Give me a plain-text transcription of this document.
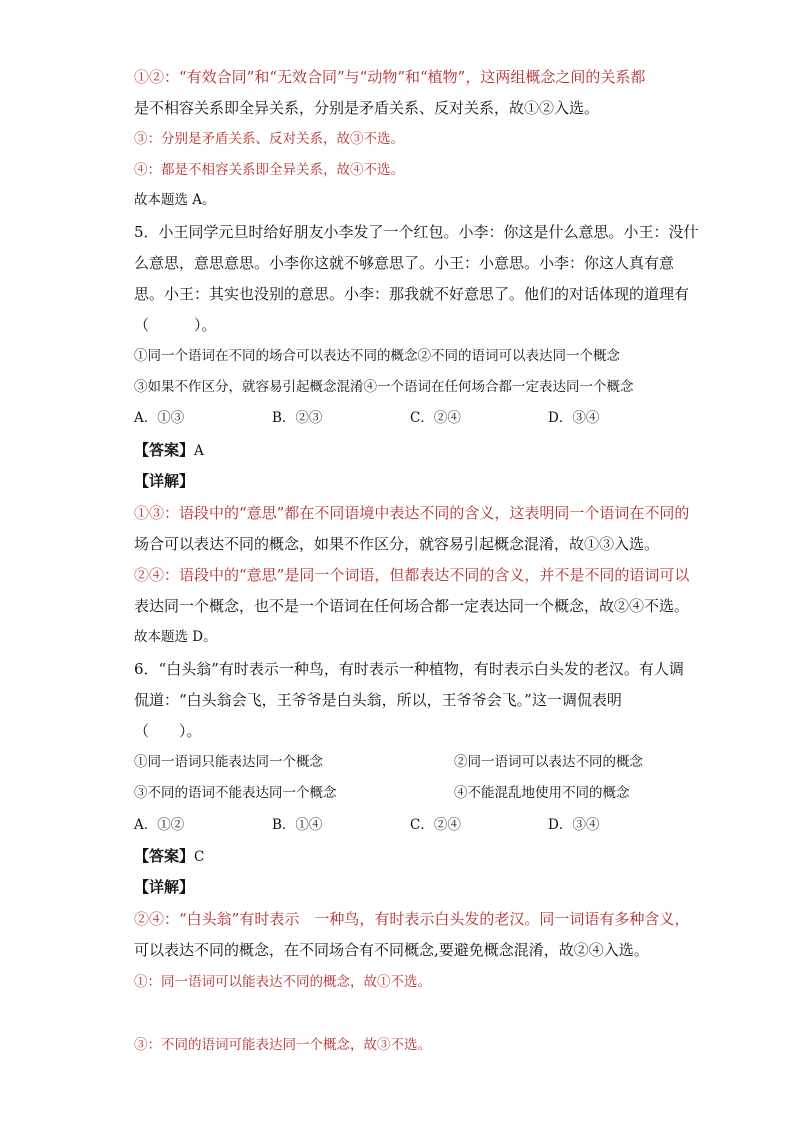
①②：“有效合同”和“无效合同”与“动物”和“植物”，这两组概念之间的关系都
是不相容关系即全异关系，分别是矛盾关系、反对关系，故①②入选。
③：分别是矛盾关系、反对关系，故③不选。
④：都是不相容关系即全异关系，故④不选。
故本题选 A。
5．小王同学元旦时给好朋友小李发了一个红包。小李：你这是什么意思。小王：没什
么意思，意思意思。小李你这就不够意思了。小王：小意思。小李：你这人真有意
思。小王：其实也没别的意思。小李：那我就不好意思了。他们的对话体现的道理有
（　　　）。
①同一个语词在不同的场合可以表达不同的概念②不同的语词可以表达同一个概念
③如果不作区分，就容易引起概念混淆④一个语词在任何场合都一定表达同一个概念
A．①③	B．②③	C．②④	D．③④
【答案】A
【详解】
①③：语段中的“意思”都在不同语境中表达不同的含义，这表明同一个语词在不同的
场合可以表达不同的概念，如果不作区分，就容易引起概念混淆，故①③入选。
②④：语段中的“意思”是同一个词语，但都表达不同的含义，并不是不同的语词可以
表达同一个概念，也不是一个语词在任何场合都一定表达同一个概念，故②④不选。
故本题选 D。
6．“白头翁”有时表示一种鸟，有时表示一种植物，有时表示白头发的老汉。有人调
侃道：“白头翁会飞，王爷爷是白头翁，所以，王爷爷会飞。”这一调侃表明
（　　）。
①同一语词只能表达同一个概念	②同一语词可以表达不同的概念
③不同的语词不能表达同一个概念	④不能混乱地使用不同的概念
A．①②	B．①④	C．②④	D．③④
【答案】C
【详解】
②④：“白头翁”有时表示　一种鸟，有时表示白头发的老汉。同一词语有多种含义，
可以表达不同的概念，在不同场合有不同概念,要避免概念混淆，故②④入选。
①：同一语词可以能表达不同的概念，故①不选。
③：不同的语词可能表达同一个概念，故③不选。
